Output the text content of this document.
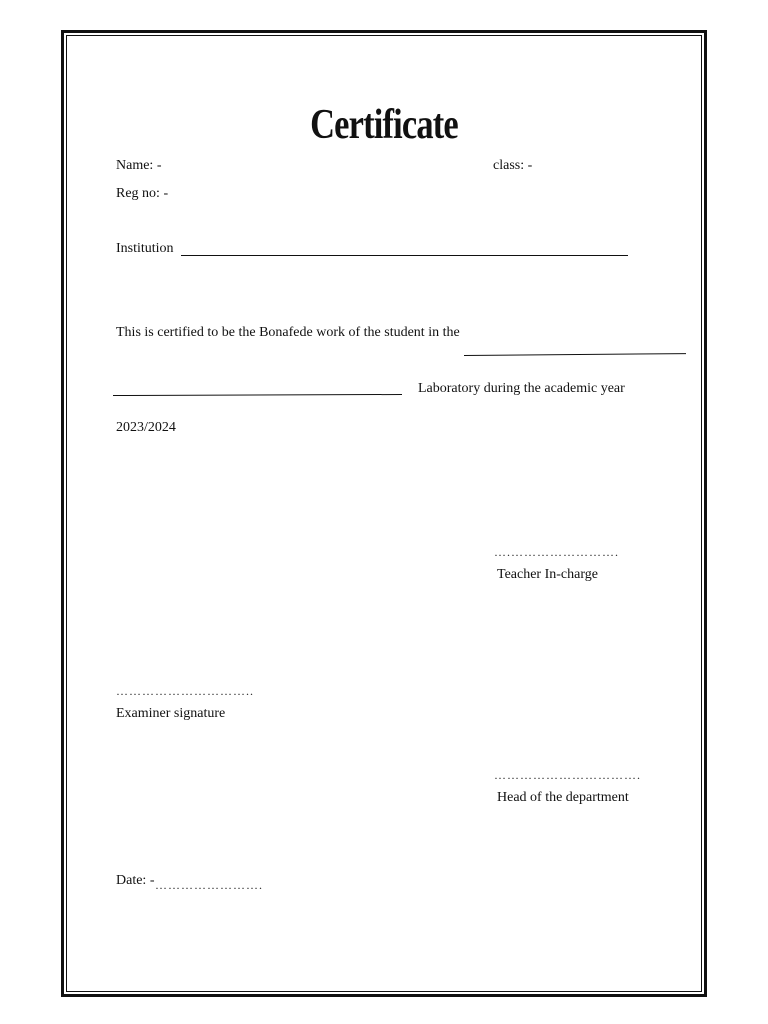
Certificate
Name: -	class: -
Reg no: -
Institution
This is certified to be the Bonafede work of the student in the
Laboratory during the academic year
2023/2024
….…………………….
Teacher In-charge
…………………………..
Examiner signature
…………………………….
Head of the department
Date: - …………………….
